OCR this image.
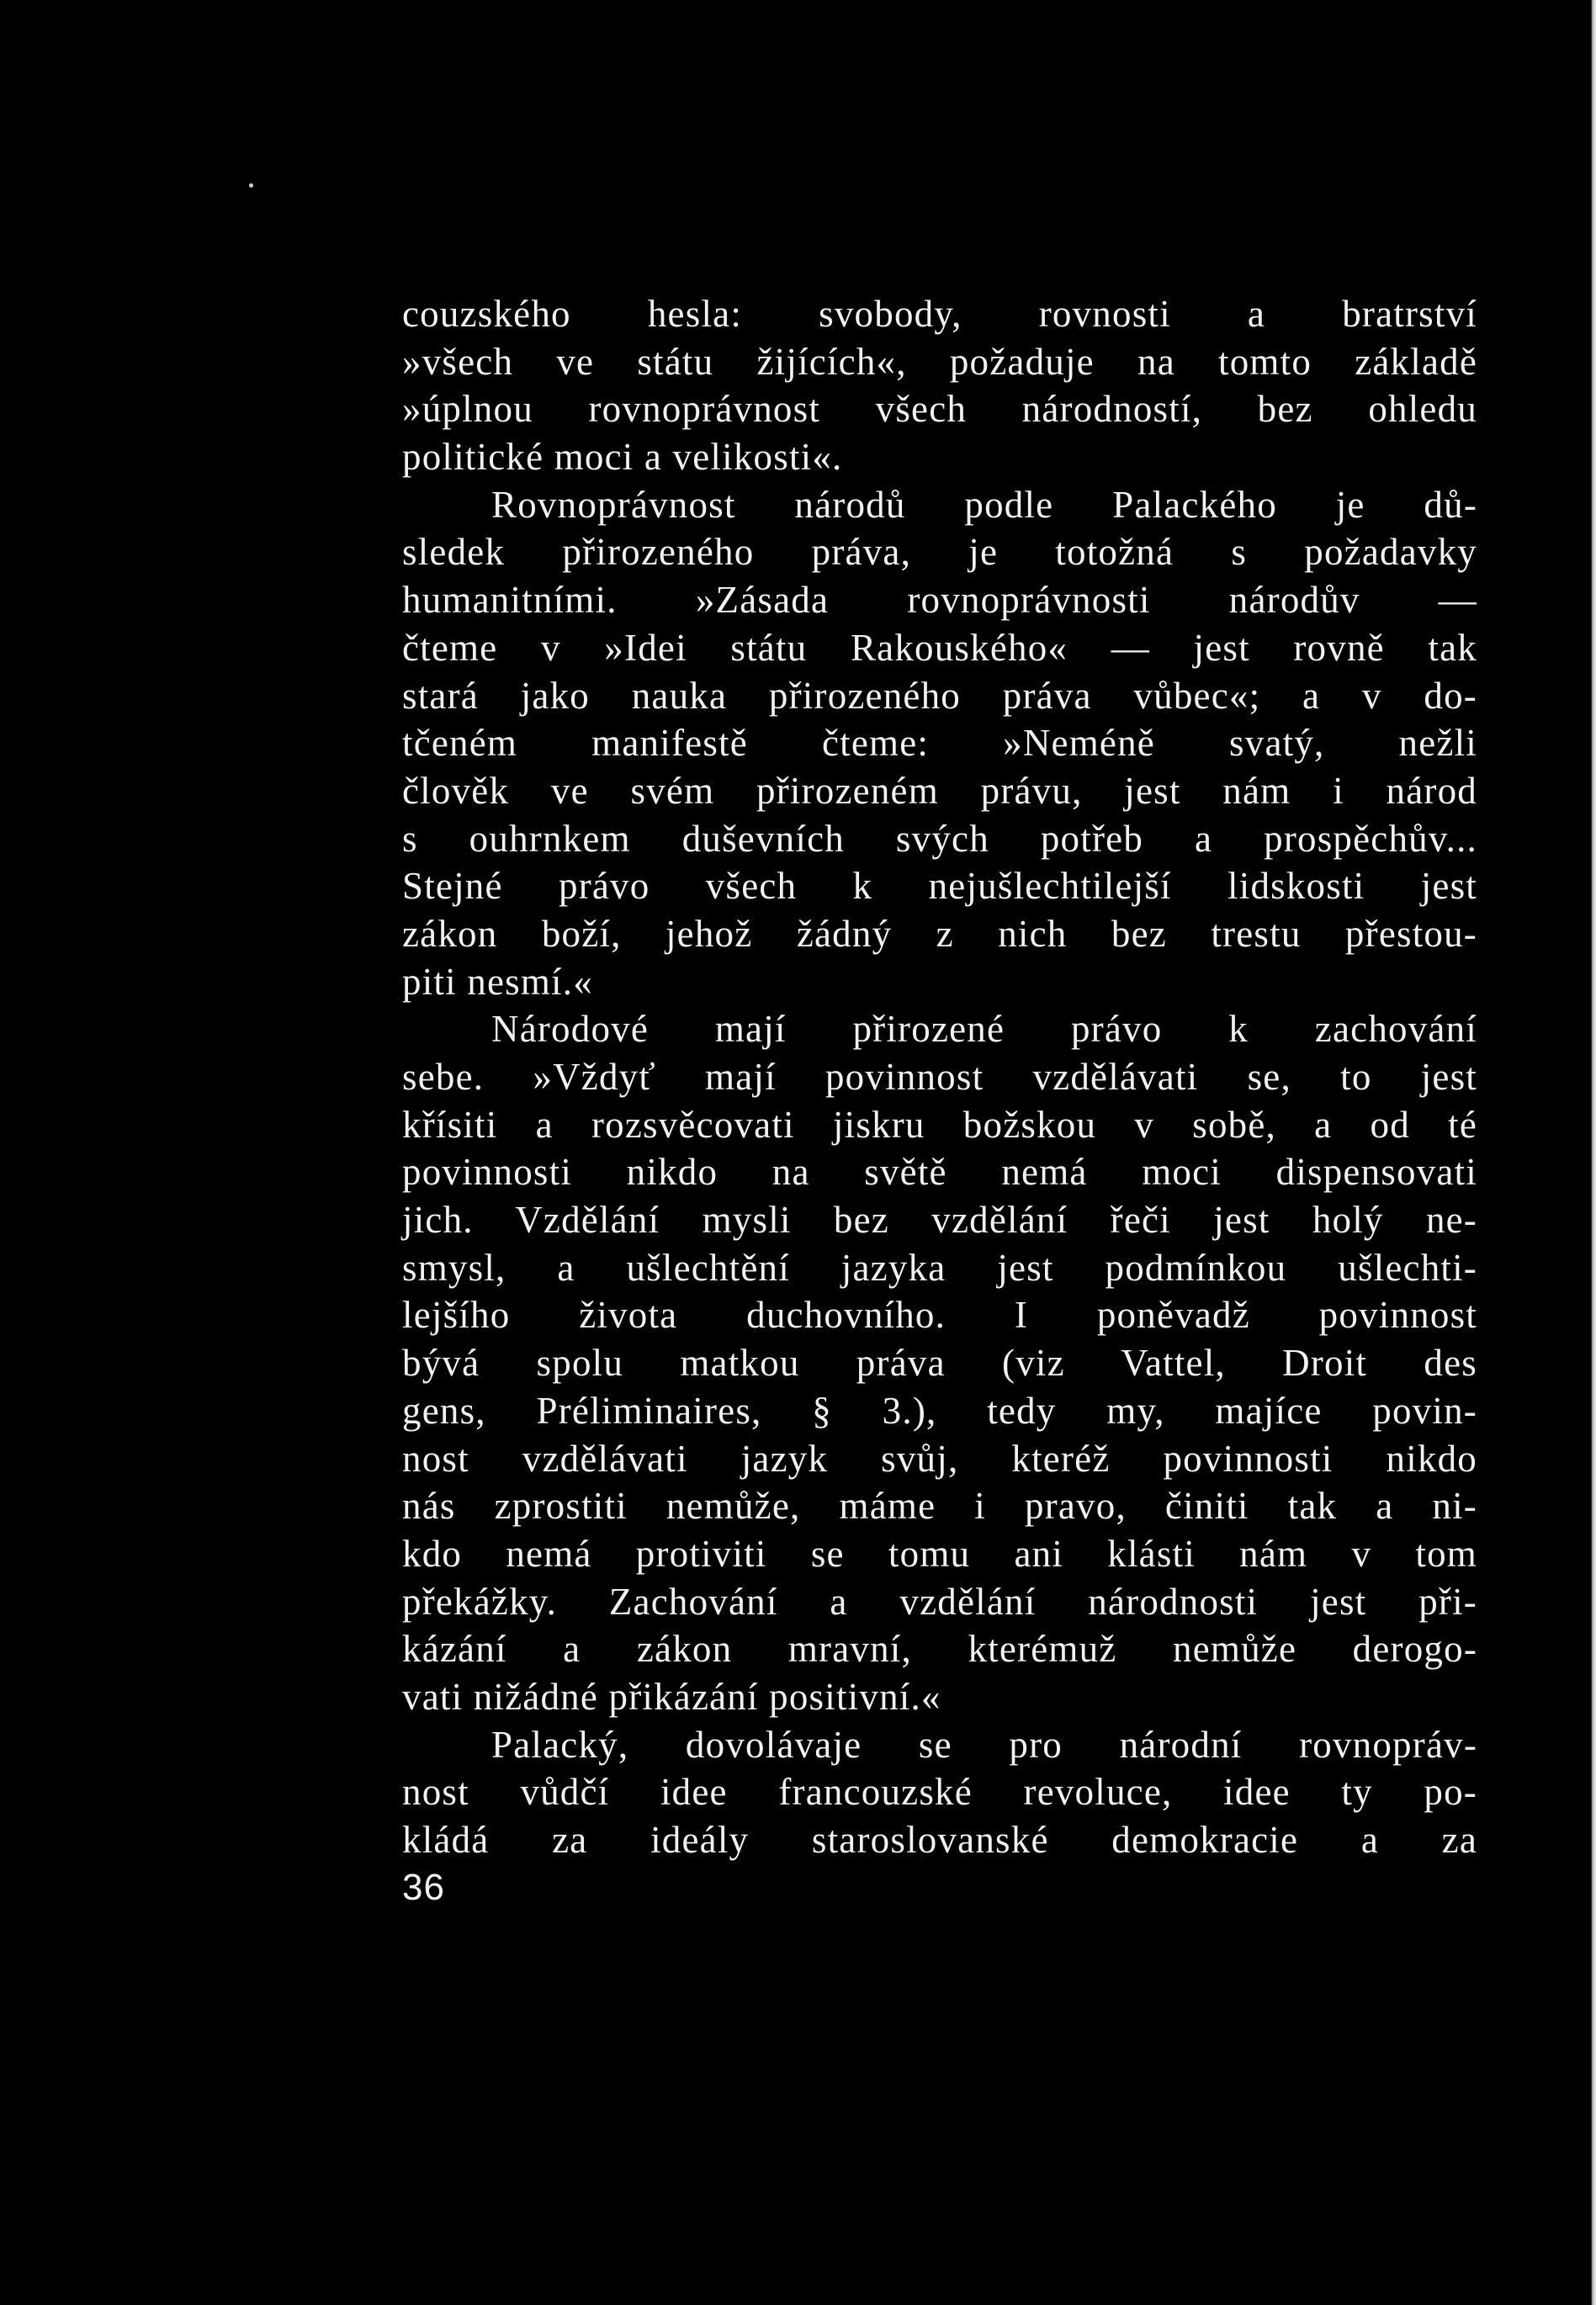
couzského hesla: svobody, rovnosti a bratrství
»všech ve státu žijících«, požaduje na tomto základě
»úplnou rovnoprávnost všech národností, bez ohledu
politické moci a velikosti«.
Rovnoprávnost národů podle Palackého je dů-
sledek přirozeného práva, je totožná s požadavky
humanitními. »Zásada rovnoprávnosti národův —
čteme v »Idei státu Rakouského« — jest rovně tak
stará jako nauka přirozeného práva vůbec«; a v do-
tčeném manifestě čteme: »Neméně svatý, nežli
člověk ve svém přirozeném právu, jest nám i národ
s ouhrnkem duševních svých potřeb a prospěchův...
Stejné právo všech k nejušlechtilejší lidskosti jest
zákon boží, jehož žádný z nich bez trestu přestou-
piti nesmí.«
Národové mají přirozené právo k zachování
sebe. »Vždyť mají povinnost vzdělávati se, to jest
křísiti a rozsvěcovati jiskru božskou v sobě, a od té
povinnosti nikdo na světě nemá moci dispensovati
jich. Vzdělání mysli bez vzdělání řeči jest holý ne-
smysl, a ušlechtění jazyka jest podmínkou ušlechti-
lejšího života duchovního. I poněvadž povinnost
bývá spolu matkou práva (viz Vattel, Droit des
gens, Préliminaires, § 3.), tedy my, majíce povin-
nost vzdělávati jazyk svůj, kteréž povinnosti nikdo
nás zprostiti nemůže, máme i pravo, činiti tak a ni-
kdo nemá protiviti se tomu ani klásti nám v tom
překážky. Zachování a vzdělání národnosti jest při-
kázání a zákon mravní, kterémuž nemůže derogo-
vati nižádné přikázání positivní.«
Palacký, dovolávaje se pro národní rovnopráv-
nost vůdčí idee francouzské revoluce, idee ty po-
kládá za ideály staroslovanské demokracie a za
36
